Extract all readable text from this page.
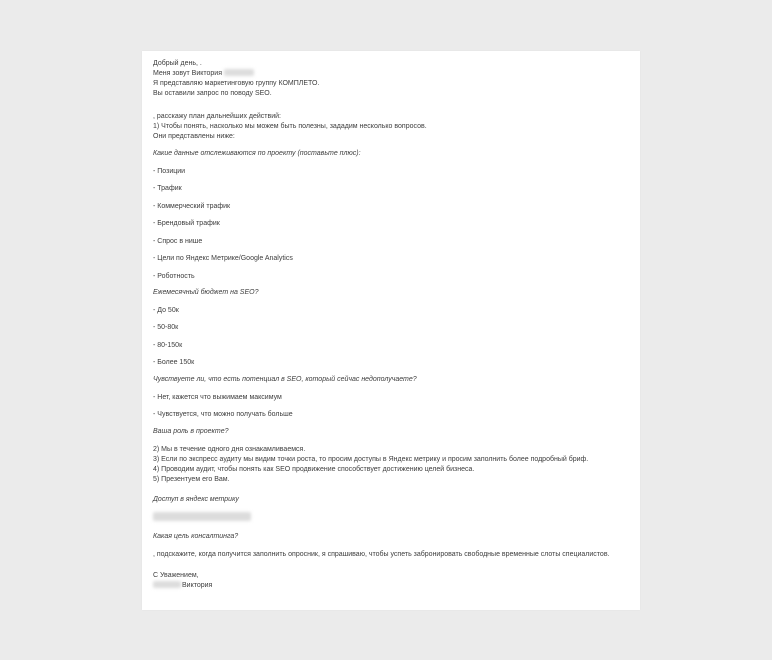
Добрый день, .
Меня зовут Виктория
Я представляю маркетинговую группу КОМПЛЕТО.
Вы оставили запрос по поводу SEO.
, расскажу план дальнейших действий:
1) Чтобы понять, насколько мы можем быть полезны, зададим несколько вопросов.
Они представлены ниже:
Какие данные отслеживаются по проекту (поставьте плюс):
- Позиции
- Трафик
- Коммерческий трафик
- Брендовый трафик
- Спрос в нише
- Цели по Яндекс Метрике/Google Analytics
- Роботность
Ежемесячный бюджет на SEO?
- До 50к
- 50-80к
- 80-150к
- Более 150к
Чувствуете ли, что есть потенциал в SEO, который сейчас недополучаете?
- Нет, кажется что выжимаем максимум
- Чувствуется, что можно получать больше
Ваша роль в проекте?
2) Мы в течение одного дня ознакамливаемся.
3) Если по экспресс аудиту мы видим точки роста, то просим доступы в Яндекс метрику и просим заполнить более подробный бриф.
4) Проводим аудит, чтобы понять как SEO продвижение способствует достижению целей бизнеса.
5) Презентуем его Вам.
Доступ в яндекс метрику
Какая цель консалтинга?
, подскажите, когда получится заполнить опросник, я спрашиваю, чтобы успеть забронировать свободные временные слоты специалистов.
С Уважением,
Виктория
